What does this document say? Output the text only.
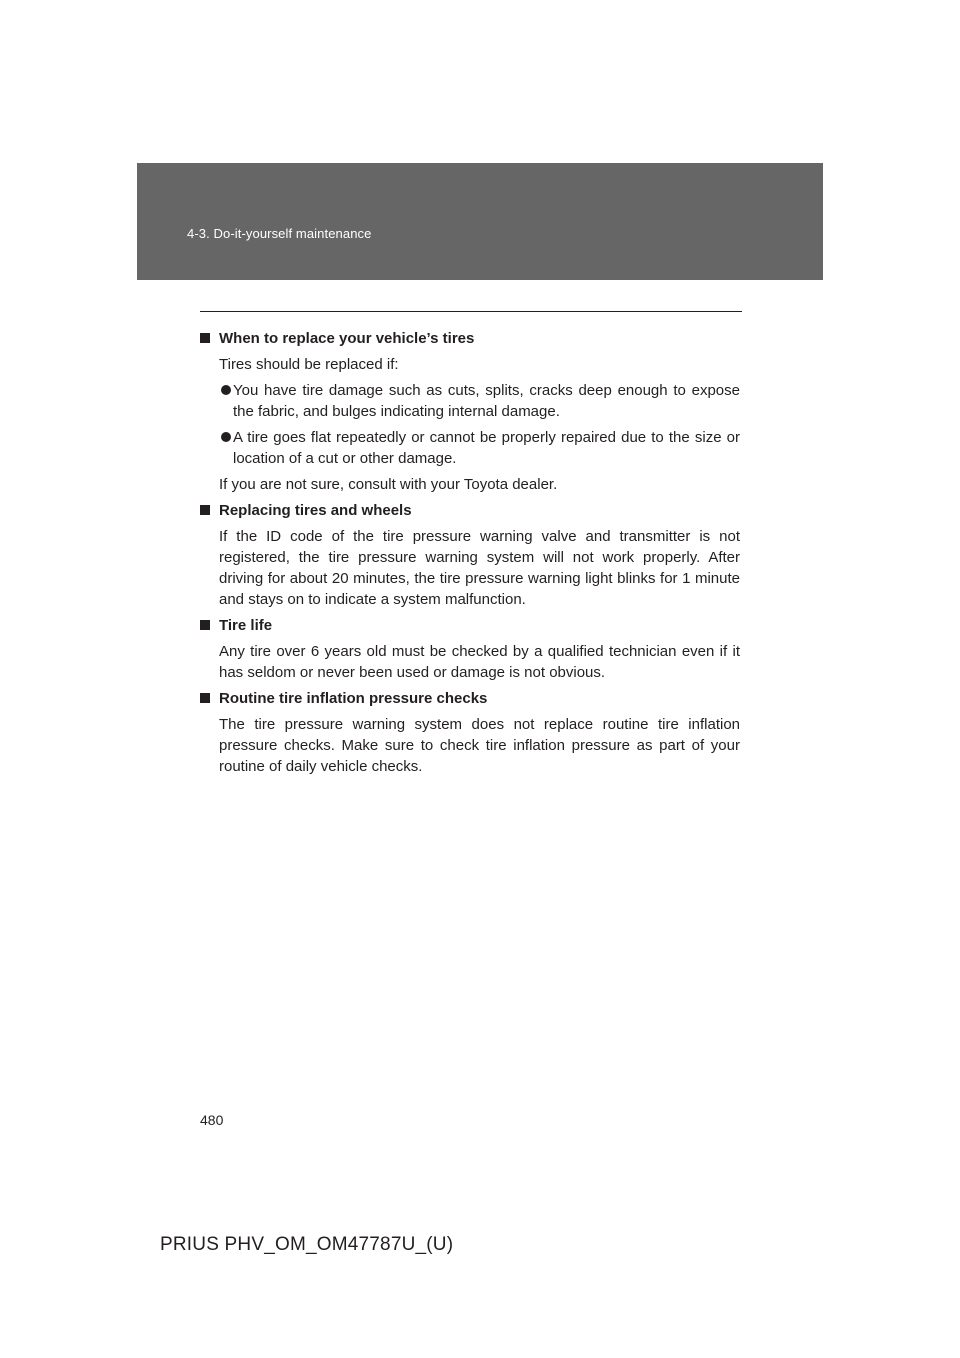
4-3. Do-it-yourself maintenance
When to replace your vehicle’s tires
Tires should be replaced if:
You have tire damage such as cuts, splits, cracks deep enough to expose the fabric, and bulges indicating internal damage.
A tire goes flat repeatedly or cannot be properly repaired due to the size or location of a cut or other damage.
If you are not sure, consult with your Toyota dealer.
Replacing tires and wheels
If the ID code of the tire pressure warning valve and transmitter is not registered, the tire pressure warning system will not work properly. After driving for about 20 minutes, the tire pressure warning light blinks for 1 minute and stays on to indicate a system malfunction.
Tire life
Any tire over 6 years old must be checked by a qualified technician even if it has seldom or never been used or damage is not obvious.
Routine tire inflation pressure checks
The tire pressure warning system does not replace routine tire inflation pressure checks. Make sure to check tire inflation pressure as part of your routine of daily vehicle checks.
480
PRIUS PHV_OM_OM47787U_(U)
